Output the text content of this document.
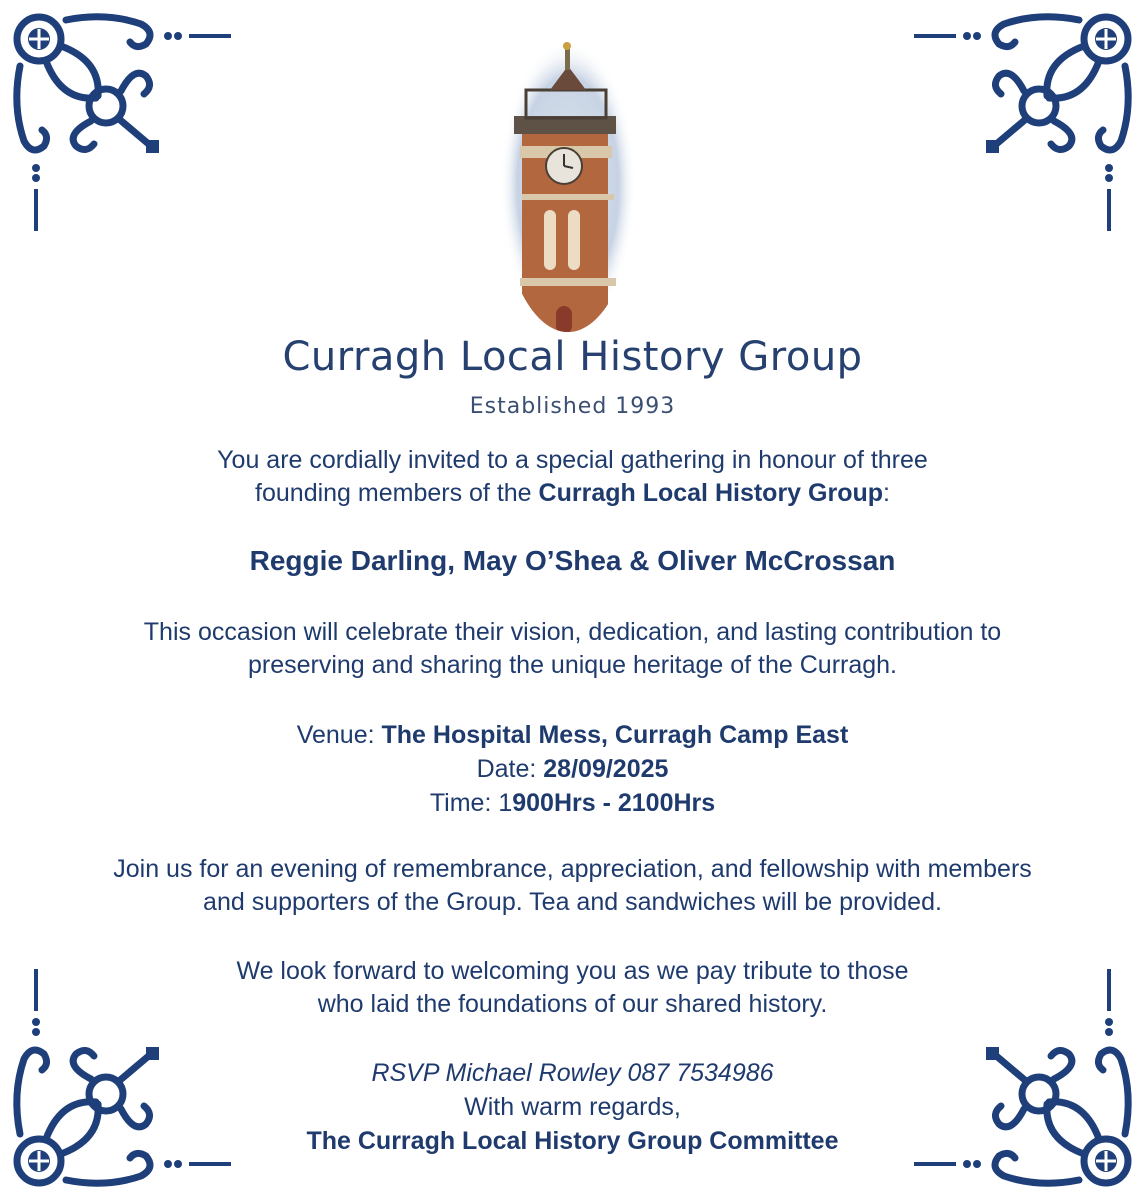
Curragh Local History Group
Established 1993
You are cordially invited to a special gathering in honour of three
founding members of the Curragh Local History Group:
Reggie Darling, May O’Shea & Oliver McCrossan
This occasion will celebrate their vision, dedication, and lasting contribution to
preserving and sharing the unique heritage of the Curragh.
Venue: The Hospital Mess, Curragh Camp East
Date: 28/09/2025
Time: 1900Hrs - 2100Hrs
Join us for an evening of remembrance, appreciation, and fellowship with members
and supporters of the Group. Tea and sandwiches will be provided.
We look forward to welcoming you as we pay tribute to those
who laid the foundations of our shared history.
RSVP Michael Rowley 087 7534986
With warm regards,
The Curragh Local History Group Committee
